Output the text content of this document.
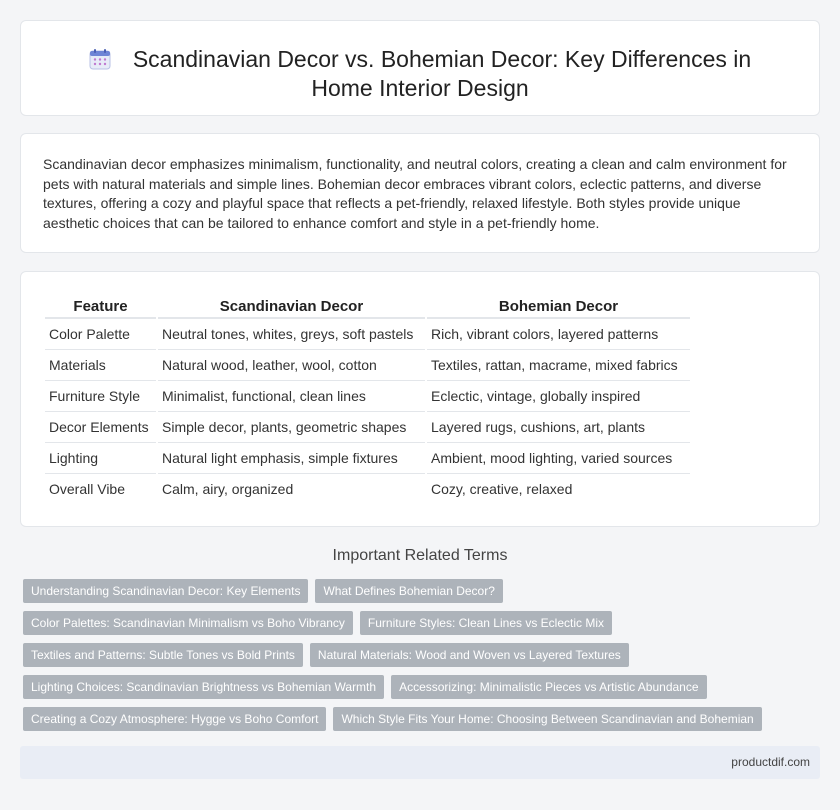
Scandinavian Decor vs. Bohemian Decor: Key Differences in Home Interior Design

Scandinavian decor emphasizes minimalism, functionality, and neutral colors, creating a clean and calm environment for pets with natural materials and simple lines. Bohemian decor embraces vibrant colors, eclectic patterns, and diverse textures, offering a cozy and playful space that reflects a pet-friendly, relaxed lifestyle. Both styles provide unique aesthetic choices that can be tailored to enhance comfort and style in a pet-friendly home.

Feature	Scandinavian Decor	Bohemian Decor
Color Palette	Neutral tones, whites, greys, soft pastels	Rich, vibrant colors, layered patterns
Materials	Natural wood, leather, wool, cotton	Textiles, rattan, macrame, mixed fabrics
Furniture Style	Minimalist, functional, clean lines	Eclectic, vintage, globally inspired
Decor Elements	Simple decor, plants, geometric shapes	Layered rugs, cushions, art, plants
Lighting	Natural light emphasis, simple fixtures	Ambient, mood lighting, varied sources
Overall Vibe	Calm, airy, organized	Cozy, creative, relaxed
Important Related Terms
Understanding Scandinavian Decor: Key Elements	What Defines Bohemian Decor?
Color Palettes: Scandinavian Minimalism vs Boho Vibrancy	Furniture Styles: Clean Lines vs Eclectic Mix
Textiles and Patterns: Subtle Tones vs Bold Prints	Natural Materials: Wood and Woven vs Layered Textures
Lighting Choices: Scandinavian Brightness vs Bohemian Warmth	Accessorizing: Minimalistic Pieces vs Artistic Abundance
Creating a Cozy Atmosphere: Hygge vs Boho Comfort	Which Style Fits Your Home: Choosing Between Scandinavian and Bohemian
productdif.com
